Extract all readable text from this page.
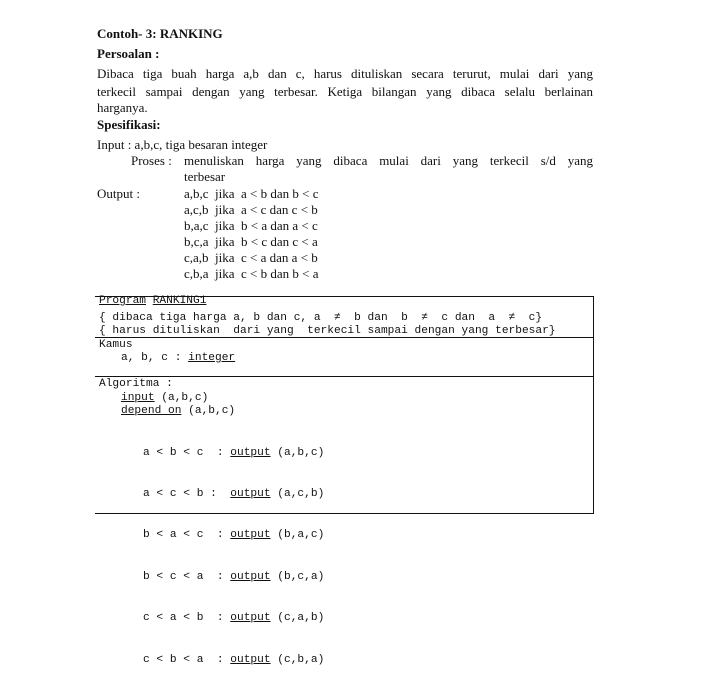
Contoh- 3: RANKING
Persoalan :
Dibaca tiga buah harga a,b dan c, harus dituliskan secara terurut, mulai dari yang
terkecil sampai dengan yang terbesar. Ketiga bilangan yang dibaca selalu berlainan
harganya.
Spesifikasi:
Input : a,b,c, tiga besaran integer
Proses : menuliskan harga yang dibaca mulai dari yang terkecil s/d yang
terbesar
Output :	a,b,c jika  a < b dan b < c
a,c,b jika  a < c dan c < b
b,a,c jika  b < a dan a < c
b,c,a jika  b < c dan c < a
c,a,b jika  c < a dan a < b
c,b,a jika  c < b dan b < a
Program RANKING1
{ dibaca tiga harga a, b dan c, a  ≠  b dan  b  ≠  c dan  a  ≠  c}
{ harus dituliskan  dari yang  terkecil sampai dengan yang terbesar}
Kamus
a, b, c : integer
Algoritma :
input (a,b,c)
depend on (a,b,c)

a < b < c  : output (a,b,c)

a < c < b :  output (a,c,b)

b < a < c  : output (b,a,c)

b < c < a  : output (b,c,a)

c < a < b  : output (c,a,b)

c < b < a  : output (c,b,a)
